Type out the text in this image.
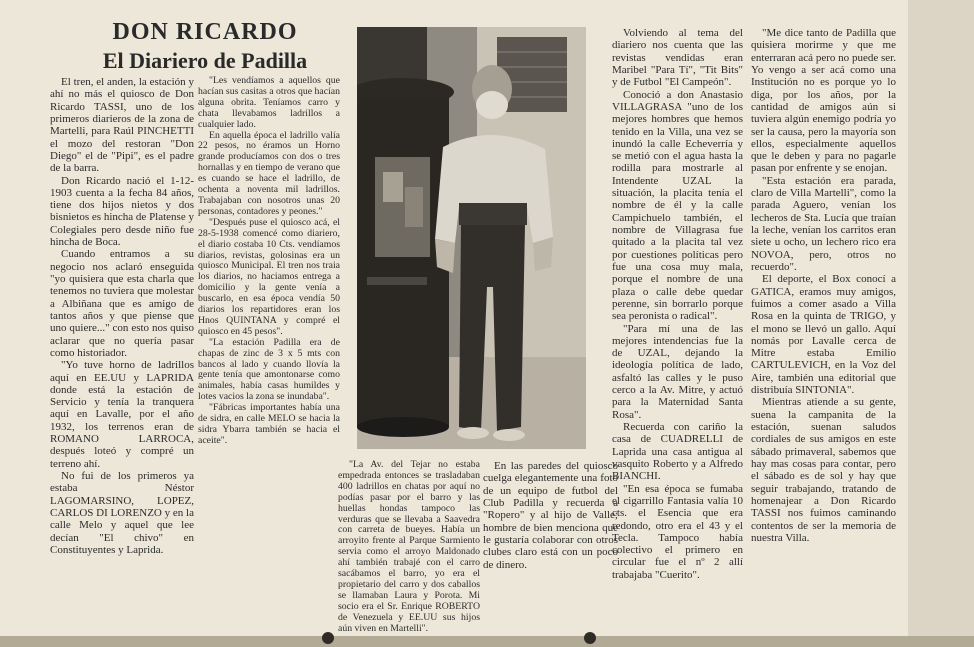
DON RICARDO
El Diariero de Padilla

El tren, el anden, la estación y ahí no más el quiosco de Don Ricardo TASSI, uno de los primeros diarieros de la zona de Martelli, para Raúl PINCHETTI el mozo del restoran "Don Diego" el de "Pipi", es el padre de la barra.

Don Ricardo nació el 1-12-1903 cuenta a la fecha 84 años, tiene dos hijos nietos y dos bisnietos es hincha de Platense y Colegiales pero desde niño fue hincha de Boca.

Cuando entramos a su negocio nos aclaró enseguida "yo quisiera que esta charla que tenemos no tuviera que molestar a Albiñana que es amigo de tantos años y que piense que uno quiere..." con esto nos quiso aclarar que no quería pasar como historiador.

"Yo tuve horno de ladrillos aquí en EE.UU y LAPRIDA donde está la estación de Servicio y tenía la tranquera aquí en Lavalle, por el año 1932, los terrenos eran de ROMANO LARROCA, después loteó y compré un terreno ahí.

No fui de los primeros ya estaba Néstor LAGOMARSINO, LOPEZ, CARLOS DI LORENZO y en la calle Melo y aquel que lee decían "El chivo" en Constituyentes y Laprida.

"Les vendíamos a aquellos que hacían sus casitas a otros que hacían alguna obrita. Teníamos carro y chata llevabamos ladrillos a cualquier lado.

En aquella época el ladrillo valía 22 pesos, no éramos un Horno grande producíamos con dos o tres hornallas y en tiempo de verano que es cuando se hace el ladrillo, de ochenta a noventa mil ladrillos. Trabajaban con nosotros unas 20 personas, contadores y peones."

"Después puse el quiosco acá, el 28-5-1938 comencé como diariero, el diario costaba 10 Cts. vendíamos diarios, revistas, golosinas era un quiosco Municipal. El tren nos traia los diarios, no haciamos entrega a domicilio y la gente venía a buscarlo, en esa época vendía 50 diarios los repartidores eran los Hnos QUINTANA y compré el quiosco en 45 pesos".

"La estación Padilla era de chapas de zinc de 3 x 5 mts con bancos al lado y cuando llovía la gente tenía que amontonarse como animales, había casas humildes y lotes vacios la zona se inundaba".

"Fábricas importantes había una de sidra, en calle MELO se hacia la sidra Ybarra también se hacia el aceite".

"La Av. del Tejar no estaba empedrada entonces se trasladaban 400 ladrillos en chatas por aquí no podías pasar por el barro y las huellas hondas tampoco las verduras que se llevaba a Saavedra con carreta de bueyes. Había un arroyito frente al Parque Sarmiento servia como el arroyo Maldonado ahí también trabajé con el carro sacábamos el barro, yo era el propietario del carro y dos caballos se llamaban Laura y Porota. Mi socio era el Sr. Enrique ROBERTO de Venezuela y EE.UU sus hijos aún viven en Martelli".

En las paredes del quiosco cuelga elegantemente una foto de un equipo de futbol del Club Padilla y recuerda a "Ropero" y al hijo de Valle; hombre de bien menciona que le gustaría colaborar con otros clubes claro está con un poco de dinero.

Volviendo al tema del diariero nos cuenta que las revistas vendidas eran Maribel "Para Tí", "Tit Bits" y de Futbol "El Campeón".

Conoció a don Anastasio VILLAGRASA "uno de los mejores hombres que hemos tenido en la Villa, una vez se inundó la calle Echeverría y se metió con el agua hasta la rodilla para mostrarle al Intendente UZAL la situación, la placita tenía el nombre de él y la calle Campichuelo también, el nombre de Villagrasa fue quitado a la placita tal vez por cuestiones políticas pero fue una cosa muy mala, porque el nombre de una plaza o calle debe quedar perenne, sin borrarlo porque sea peronista o radical".

"Para mí una de las mejores intendencias fue la de UZAL, dejando la ideología política de lado, asfaltó las calles y le puso cerco a la Av. Mitre, y actuó para la Maternidad Santa Rosa".

Recuerda con cariño la casa de CUADRELLI de Laprida una casa antigua al vasquito Roberto y a Alfredo BIANCHI.

"En esa época se fumaba el cigarrillo Fantasia valía 10 cts. el Esencia que era redondo, otro era el 43 y el Tecla. Tampoco había colectivo el primero en circular fue el nº 2 allí trabajaba "Cuerito".

"Me dice tanto de Padilla que quisiera morirme y que me enterraran acá pero no puede ser. Yo vengo a ser acá como una Institución no es porque yo lo diga, por los años, por la cantidad de amigos aún si tuviera algún enemigo podría yo ser la causa, pero la mayoría son ellos, especialmente aquellos que le deben y para no pagarle pasan por enfrente y se enojan.

"Esta estación era parada, claro de Villa Martelli", como la parada Aguero, venían los lecheros de Sta. Lucía que traían la leche, venían los carritos eran siete u ocho, un lechero rico era NOVOA, pero, otros no recuerdo".

El deporte, el Box conocí a GATICA, eramos muy amigos, fuimos a comer asado a Villa Rosa en la quinta de TRIGO, y el mono se llevó un gallo. Aquí nomás por Lavalle cerca de Mitre estaba Emilio CARTULEVICH, en la Voz del Aire, también una editorial que distribuía SINTONIA".

Mientras atiende a su gente, suena la campanita de la estación, suenan saludos cordiales de sus amigos en este sábado primaveral, sabemos que hay mas cosas para contar, pero el sábado es de sol y hay que seguir trabajando, tratando de homenajear a Don Ricardo TASSI nos fuimos caminando contentos de ser la memoria de nuestra Villa.
